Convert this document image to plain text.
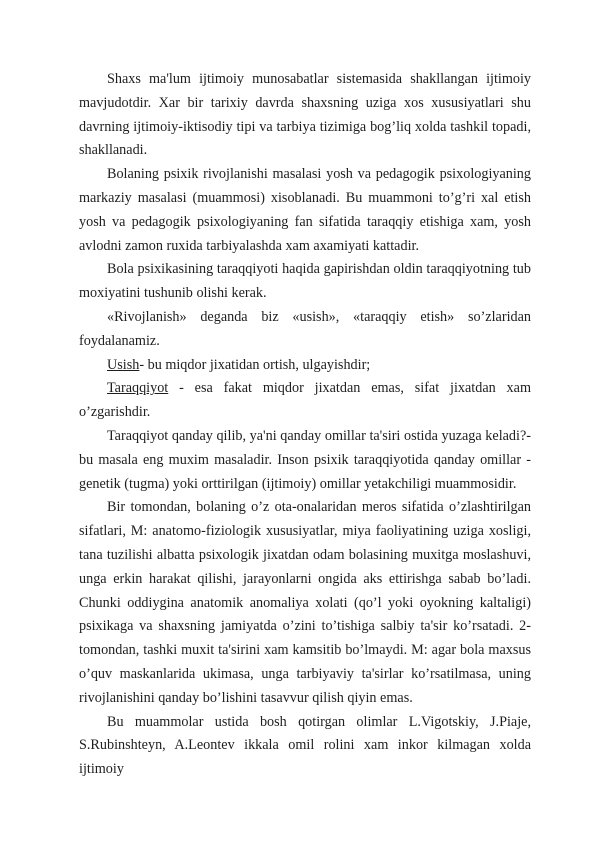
Shaxs ma'lum ijtimoiy munosabatlar sistemasida shakllangan ijtimoiy mavjudotdir. Xar bir tarixiy davrda shaxsning uziga xos xususiyatlari shu davrning ijtimoiy-iktisodiy tipi va tarbiya tizimiga bog’liq xolda tashkil topadi, shakllanadi.

Bolaning psixik rivojlanishi masalasi yosh va pedagogik psixologiyaning markaziy masalasi (muammosi) xisoblanadi. Bu muammoni to’g’ri xal etish yosh va pedagogik psixologiyaning fan sifatida taraqqiy etishiga xam, yosh avlodni zamon ruxida tarbiyalashda xam axamiyati kattadir.

Bola psixikasining taraqqiyoti haqida gapirishdan oldin taraqqiyotning tub moxiyatini tushunib olishi kerak.

«Rivojlanish» deganda biz «usish», «taraqqiy etish» so’zlaridan foydalanamiz.

Usish- bu miqdor jixatidan ortish, ulgayishdir;

Taraqqiyot - esa fakat miqdor jixatdan emas, sifat jixatdan xam o’zgarishdir.

Taraqqiyot qanday qilib, ya'ni qanday omillar ta'siri ostida yuzaga keladi?- bu masala eng muxim masaladir. Inson psixik taraqqiyotida qanday omillar - genetik (tugma) yoki orttirilgan (ijtimoiy) omillar yetakchiligi muammosidir.

Bir tomondan, bolaning o’z ota-onalaridan meros sifatida o’zlashtirilgan sifatlari, M: anatomo-fiziologik xususiyatlar, miya faoliyatining uziga xosligi, tana tuzilishi albatta psixologik jixatdan odam bolasining muxitga moslashuvi, unga erkin harakat qilishi, jarayonlarni ongida aks ettirishga sabab bo’ladi. Chunki oddiygina anatomik anomaliya xolati (qo’l yoki oyokning kaltaligi) psixikaga va shaxsning jamiyatda o’zini to’tishiga salbiy ta'sir ko’rsatadi. 2-tomondan, tashki muxit ta'sirini xam kamsitib bo’lmaydi. M: agar bola maxsus o’quv maskanlarida ukimasa, unga tarbiyaviy ta'sirlar ko’rsatilmasa, uning rivojlanishini qanday bo’lishini tasavvur qilish qiyin emas.

Bu muammolar ustida bosh qotirgan olimlar L.Vigotskiy, J.Piaje, S.Rubinshteyn, A.Leontev ikkala omil rolini xam inkor kilmagan xolda ijtimoiy
